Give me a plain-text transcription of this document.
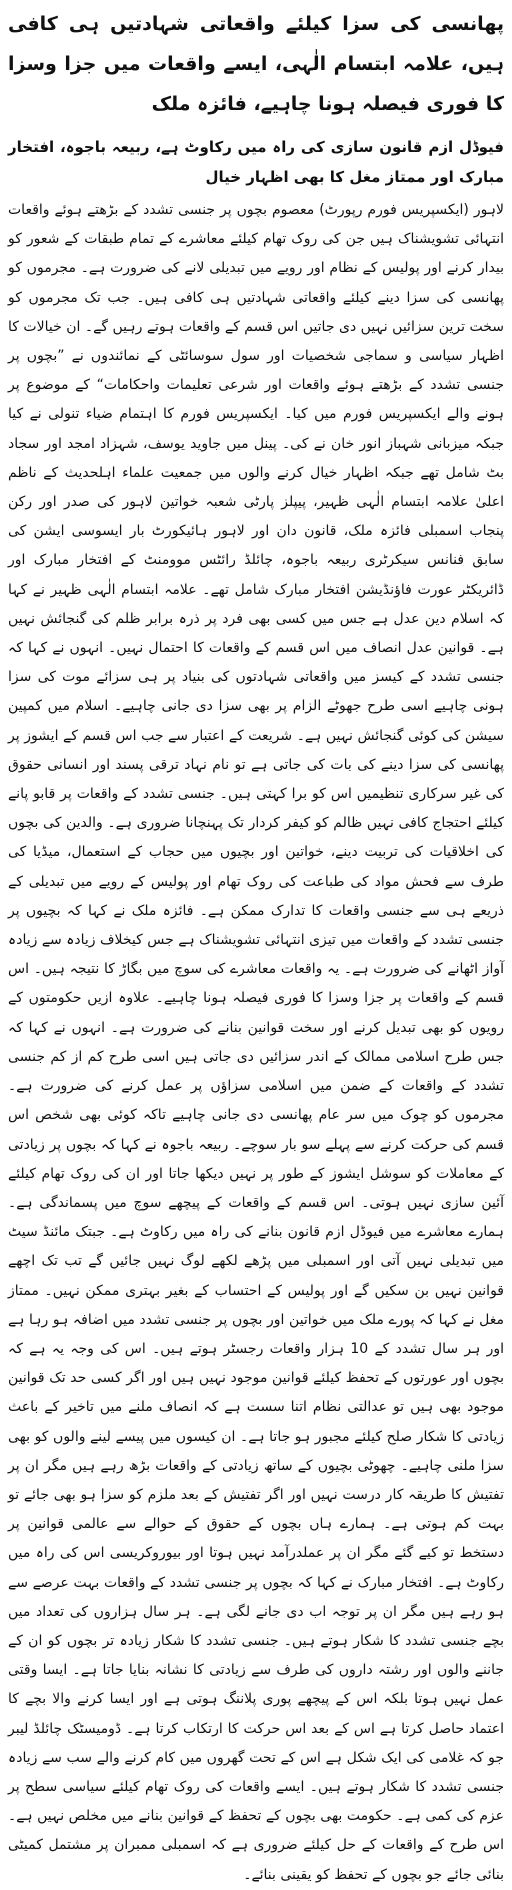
پھانسی کی سزا کیلئے واقعاتی شہادتیں ہی کافی ہیں، علامہ ابتسام الٰہی، ایسے واقعات میں جزا وسزا کا فوری فیصلہ ہونا چاہیے، فائزہ ملک
فیوڈل ازم قانون سازی کی راہ میں رکاوٹ ہے، ربیعہ باجوہ، افتخار مبارک اور ممتاز مغل کا بھی اظہار خیال

لاہور (ایکسپریس فورم رپورٹ) معصوم بچوں پر جنسی تشدد کے بڑھتے ہوئے واقعات انتہائی تشویشناک ہیں جن کی روک تھام کیلئے معاشرے کے تمام طبقات کے شعور کو بیدار کرنے اور پولیس کے نظام اور رویے میں تبدیلی لانے کی ضرورت ہے۔ مجرموں کو پھانسی کی سزا دینے کیلئے واقعاتی شہادتیں ہی کافی ہیں۔ جب تک مجرموں کو سخت ترین سزائیں نہیں دی جاتیں اس قسم کے واقعات ہوتے رہیں گے۔ ان خیالات کا اظہار سیاسی و سماجی شخصیات اور سول سوسائٹی کے نمائندوں نے ”بچوں پر جنسی تشدد کے بڑھتے ہوئے واقعات اور شرعی تعلیمات واحکامات“ کے موضوع پر ہونے والے ایکسپریس فورم میں کیا۔ ایکسپریس فورم کا اہتمام ضیاء تنولی نے کیا جبکہ میزبانی شہباز انور خان نے کی۔ پینل میں جاوید یوسف، شہزاد امجد اور سجاد بٹ شامل تھے جبکہ اظہار خیال کرنے والوں میں جمعیت علماء اہلحدیث کے ناظم اعلیٰ علامہ ابتسام الٰہی ظہیر، پیپلز پارٹی شعبہ خواتین لاہور کی صدر اور رکن پنجاب اسمبلی فائزہ ملک، قانون دان اور لاہور ہائیکورٹ بار ایسوسی ایشن کی سابق فنانس سیکرٹری ربیعہ باجوہ، چائلڈ رائٹس موومنٹ کے افتخار مبارک اور ڈائریکٹر عورت فاؤنڈیشن افتخار مبارک شامل تھے۔ علامہ ابتسام الٰہی ظہیر نے کہا کہ اسلام دین عدل ہے جس میں کسی بھی فرد پر ذرہ برابر ظلم کی گنجائش نہیں ہے۔ قوانین عدل انصاف میں اس قسم کے واقعات کا احتمال نہیں۔ انہوں نے کہا کہ جنسی تشدد کے کیسز میں واقعاتی شہادتوں کی بنیاد پر ہی سزائے موت کی سزا ہونی چاہیے اسی طرح جھوٹے الزام پر بھی سزا دی جانی چاہیے۔ اسلام میں کمپین سیشن کی کوئی گنجائش نہیں ہے۔ شریعت کے اعتبار سے جب اس قسم کے ایشوز پر پھانسی کی سزا دینے کی بات کی جاتی ہے تو نام نہاد ترقی پسند اور انسانی حقوق کی غیر سرکاری تنظیمیں اس کو برا کہتی ہیں۔ جنسی تشدد کے واقعات پر قابو پانے کیلئے احتجاج کافی نہیں ظالم کو کیفر کردار تک پہنچانا ضروری ہے۔ والدین کی بچوں کی اخلاقیات کی تربیت دینے، خواتین اور بچیوں میں حجاب کے استعمال، میڈیا کی طرف سے فحش مواد کی طباعت کی روک تھام اور پولیس کے رویے میں تبدیلی کے ذریعے ہی سے جنسی واقعات کا تدارک ممکن ہے۔ فائزہ ملک نے کہا کہ بچیوں پر جنسی تشدد کے واقعات میں تیزی انتہائی تشویشناک ہے جس کیخلاف زیادہ سے زیادہ آواز اٹھانے کی ضرورت ہے۔ یہ واقعات معاشرے کی سوچ میں بگاڑ کا نتیجہ ہیں۔ اس قسم کے واقعات پر جزا وسزا کا فوری فیصلہ ہونا چاہیے۔ علاوہ ازیں حکومتوں کے رویوں کو بھی تبدیل کرنے اور سخت قوانین بنانے کی ضرورت ہے۔ انہوں نے کہا کہ جس طرح اسلامی ممالک کے اندر سزائیں دی جاتی ہیں اسی طرح کم از کم جنسی تشدد کے واقعات کے ضمن میں اسلامی سزاؤں پر عمل کرنے کی ضرورت ہے۔ مجرموں کو چوک میں سر عام پھانسی دی جانی چاہیے تاکہ کوئی بھی شخص اس قسم کی حرکت کرنے سے پہلے سو بار سوچے۔ ربیعہ باجوہ نے کہا کہ بچوں پر زیادتی کے معاملات کو سوشل ایشوز کے طور پر نہیں دیکھا جاتا اور ان کی روک تھام کیلئے آئین سازی نہیں ہوتی۔ اس قسم کے واقعات کے پیچھے سوچ میں پسماندگی ہے۔ ہمارے معاشرے میں فیوڈل ازم قانون بنانے کی راہ میں رکاوٹ ہے۔ جبتک مائنڈ سیٹ میں تبدیلی نہیں آتی اور اسمبلی میں پڑھے لکھے لوگ نہیں جائیں گے تب تک اچھے قوانین نہیں بن سکیں گے اور پولیس کے احتساب کے بغیر بہتری ممکن نہیں۔ ممتاز مغل نے کہا کہ پورے ملک میں خواتین اور بچوں پر جنسی تشدد میں اضافہ ہو رہا ہے اور ہر سال تشدد کے 10 ہزار واقعات رجسٹر ہوتے ہیں۔ اس کی وجہ یہ ہے کہ بچوں اور عورتوں کے تحفظ کیلئے قوانین موجود نہیں ہیں اور اگر کسی حد تک قوانین موجود بھی ہیں تو عدالتی نظام اتنا سست ہے کہ انصاف ملنے میں تاخیر کے باعث زیادتی کا شکار صلح کیلئے مجبور ہو جاتا ہے۔ ان کیسوں میں پیسے لینے والوں کو بھی سزا ملنی چاہیے۔ چھوٹی بچیوں کے ساتھ زیادتی کے واقعات بڑھ رہے ہیں مگر ان پر تفتیش کا طریقہ کار درست نہیں اور اگر تفتیش کے بعد ملزم کو سزا ہو بھی جائے تو بہت کم ہوتی ہے۔ ہمارے ہاں بچوں کے حقوق کے حوالے سے عالمی قوانین پر دستخط تو کیے گئے مگر ان پر عملدرآمد نہیں ہوتا اور بیوروکریسی اس کی راہ میں رکاوٹ ہے۔ افتخار مبارک نے کہا کہ بچوں پر جنسی تشدد کے واقعات بہت عرصے سے ہو رہے ہیں مگر ان پر توجہ اب دی جانے لگی ہے۔ ہر سال ہزاروں کی تعداد میں بچے جنسی تشدد کا شکار ہوتے ہیں۔ جنسی تشدد کا شکار زیادہ تر بچوں کو ان کے جاننے والوں اور رشتہ داروں کی طرف سے زیادتی کا نشانہ بنایا جاتا ہے۔ ایسا وقتی عمل نہیں ہوتا بلکہ اس کے پیچھے پوری پلاننگ ہوتی ہے اور ایسا کرنے والا بچے کا اعتماد حاصل کرتا ہے اس کے بعد اس حرکت کا ارتکاب کرتا ہے۔ ڈومیسٹک چائلڈ لیبر جو کہ غلامی کی ایک شکل ہے اس کے تحت گھروں میں کام کرنے والے سب سے زیادہ جنسی تشدد کا شکار ہوتے ہیں۔ ایسے واقعات کی روک تھام کیلئے سیاسی سطح پر عزم کی کمی ہے۔ حکومت بھی بچوں کے تحفظ کے قوانین بنانے میں مخلص نہیں ہے۔ اس طرح کے واقعات کے حل کیلئے ضروری ہے کہ اسمبلی ممبران پر مشتمل کمیٹی بنائی جائے جو بچوں کے تحفظ کو یقینی بنائے۔
